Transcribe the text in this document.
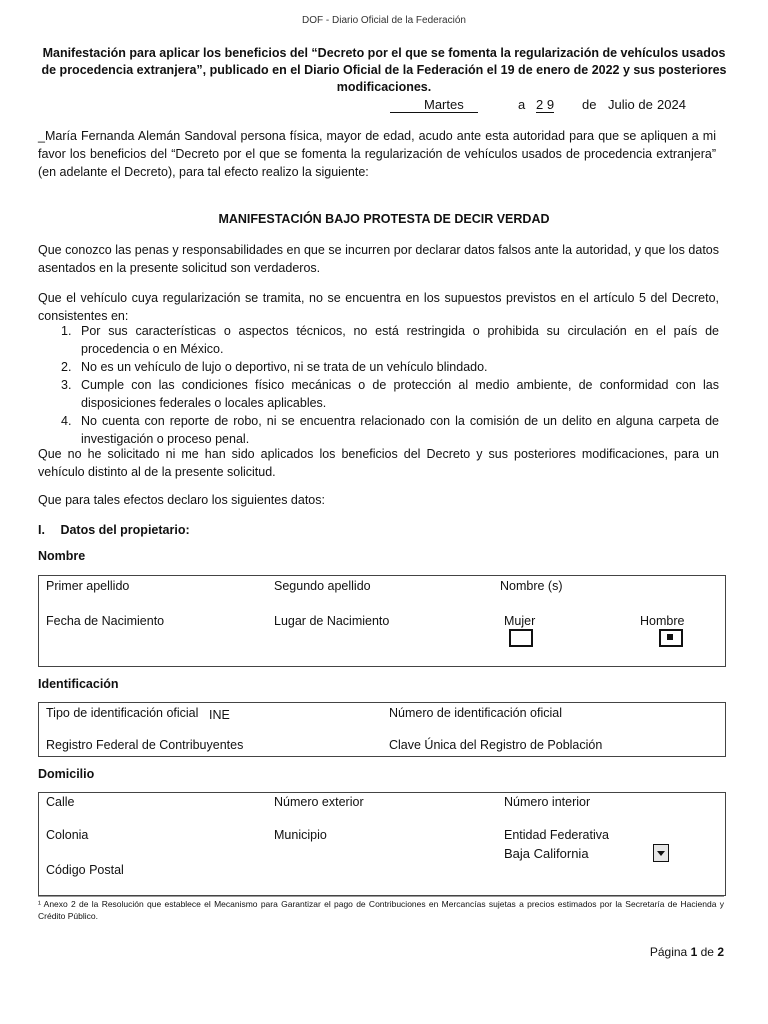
DOF - Diario Oficial de la Federación
Manifestación para aplicar los beneficios del “Decreto por el que se fomenta la regularización de vehículos usados de procedencia extranjera”, publicado en el Diario Oficial de la Federación el 19 de enero de 2022 y sus posteriores modificaciones.
Martes	a 2 9 de Julio de 2024
_María Fernanda Alemán Sandoval persona física, mayor de edad, acudo ante esta autoridad para que se apliquen a mi favor los beneficios del “Decreto por el que se fomenta la regularización de vehículos usados de procedencia extranjera” (en adelante el Decreto), para tal efecto realizo la siguiente:
MANIFESTACIÓN BAJO PROTESTA DE DECIR VERDAD
Que conozco las penas y responsabilidades en que se incurren por declarar datos falsos ante la autoridad, y que los datos asentados en la presente solicitud son verdaderos.
Que el vehículo cuya regularización se tramita, no se encuentra en los supuestos previstos en el artículo 5 del Decreto, consistentes en:
1. Por sus características o aspectos técnicos, no está restringida o prohibida su circulación en el país de procedencia o en México.
2. No es un vehículo de lujo o deportivo, ni se trata de un vehículo blindado.
3. Cumple con las condiciones físico mecánicas o de protección al medio ambiente, de conformidad con las disposiciones federales o locales aplicables.
4. No cuenta con reporte de robo, ni se encuentra relacionado con la comisión de un delito en alguna carpeta de investigación o proceso penal.
Que no he solicitado ni me han sido aplicados los beneficios del Decreto y sus posteriores modificaciones, para un vehículo distinto al de la presente solicitud.
Que para tales efectos declaro los siguientes datos:
I. Datos del propietario:
Nombre
Primer apellido	Segundo apellido	Nombre (s)
Fecha de Nacimiento	Lugar de Nacimiento	Mujer	Hombre
Identificación
Tipo de identificación oficial INE	Número de identificación oficial
Registro Federal de Contribuyentes	Clave Única del Registro de Población
Domicilio
Calle	Número exterior	Número interior
Colonia	Municipio	Entidad Federativa
Baja California
Código Postal
¹ Anexo 2 de la Resolución que establece el Mecanismo para Garantizar el pago de Contribuciones en Mercancías sujetas a precios estimados por la Secretaría de Hacienda y Crédito Público.
Página 1 de 2
